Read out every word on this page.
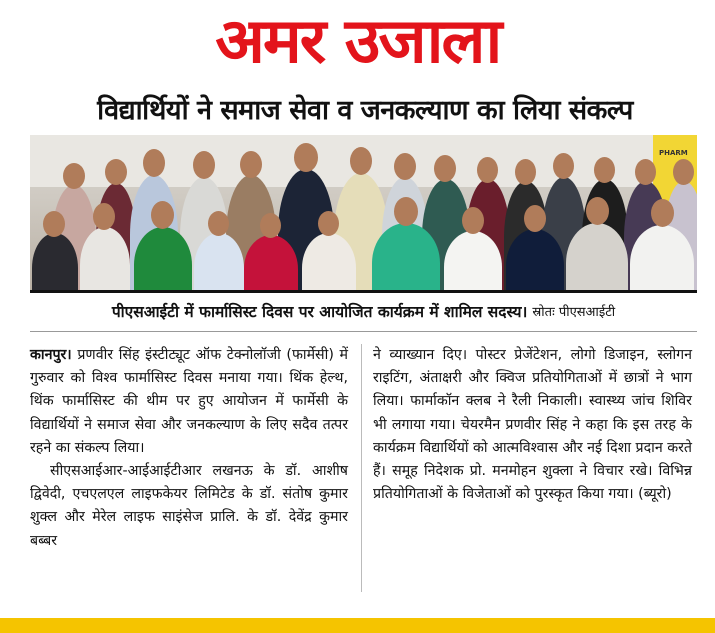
अमर उजाला
विद्यार्थियों ने समाज सेवा व जनकल्याण का लिया संकल्प
PHARM
पीएसआईटी में फार्मासिस्ट दिवस पर आयोजित कार्यक्रम में शामिल सदस्य। स्रोतः पीएसआईटी

कानपुर। प्रणवीर सिंह इंस्टीट्यूट ऑफ टेक्नोलॉजी (फार्मेसी) में गुरुवार को विश्व फार्मासिस्ट दिवस मनाया गया। थिंक हेल्थ, थिंक फार्मासिस्ट की थीम पर हुए आयोजन में फार्मेसी के विद्यार्थियों ने समाज सेवा और जनकल्याण के लिए सदैव तत्पर रहने का संकल्प लिया।

सीएसआईआर-आईआईटीआर लखनऊ के डॉ. आशीष द्विवेदी, एचएलएल लाइफकेयर लिमिटेड के डॉ. संतोष कुमार शुक्ल और मेरेल लाइफ साइंसेज प्रालि. के डॉ. देवेंद्र कुमार बब्बर

ने व्याख्यान दिए। पोस्टर प्रेजेंटेशन, लोगो डिजाइन, स्लोगन राइटिंग, अंताक्षरी और क्विज प्रतियोगिताओं में छात्रों ने भाग लिया। फार्माकॉन क्लब ने रैली निकाली। स्वास्थ्य जांच शिविर भी लगाया गया। चेयरमैन प्रणवीर सिंह ने कहा कि इस तरह के कार्यक्रम विद्यार्थियों को आत्मविश्वास और नई दिशा प्रदान करते हैं। समूह निदेशक प्रो. मनमोहन शुक्ला ने विचार रखे। विभिन्न प्रतियोगिताओं के विजेताओं को पुरस्कृत किया गया। (ब्यूरो)
